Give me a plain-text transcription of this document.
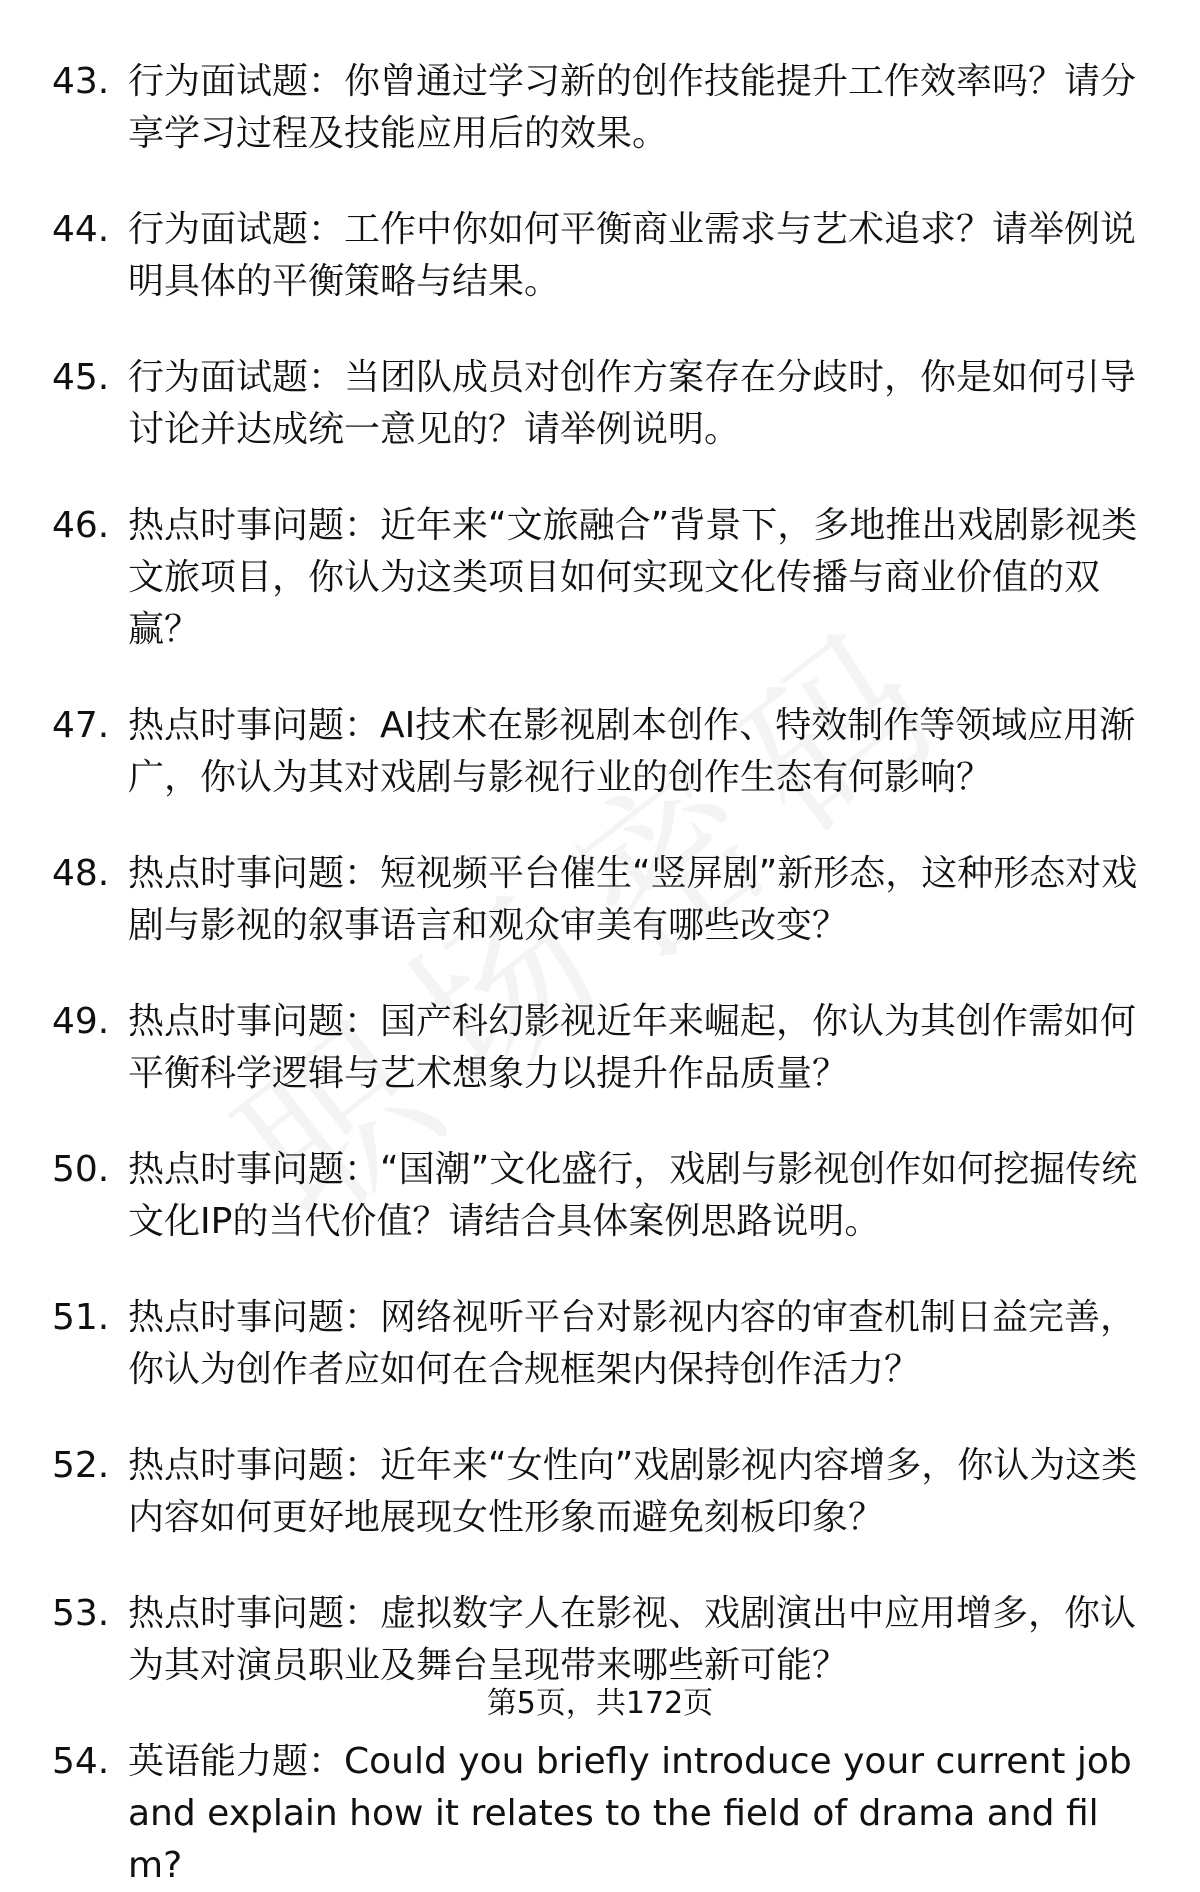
43. 行为面试题：你曾通过学习新的创作技能提升工作效率吗？请分享学习过程及技能应用后的效果。
44. 行为面试题：工作中你如何平衡商业需求与艺术追求？请举例说明具体的平衡策略与结果。
45. 行为面试题：当团队成员对创作方案存在分歧时，你是如何引导讨论并达成统一意见的？请举例说明。
46. 热点时事问题：近年来“文旅融合”背景下，多地推出戏剧影视类文旅项目，你认为这类项目如何实现文化传播与商业价值的双赢？
47. 热点时事问题：AI技术在影视剧本创作、特效制作等领域应用渐广，你认为其对戏剧与影视行业的创作生态有何影响？
48. 热点时事问题：短视频平台催生“竖屏剧”新形态，这种形态对戏剧与影视的叙事语言和观众审美有哪些改变？
49. 热点时事问题：国产科幻影视近年来崛起，你认为其创作需如何平衡科学逻辑与艺术想象力以提升作品质量？
50. 热点时事问题：“国潮”文化盛行，戏剧与影视创作如何挖掘传统文化IP的当代价值？请结合具体案例思路说明。
51. 热点时事问题：网络视听平台对影视内容的审查机制日益完善，你认为创作者应如何在合规框架内保持创作活力？
52. 热点时事问题：近年来“女性向”戏剧影视内容增多，你认为这类内容如何更好地展现女性形象而避免刻板印象？
53. 热点时事问题：虚拟数字人在影视、戏剧演出中应用增多，你认为其对演员职业及舞台呈现带来哪些新可能？
54. 英语能力题：Could you briefly introduce your current job and explain how it relates to the field of drama and film?
第5页，共172页
